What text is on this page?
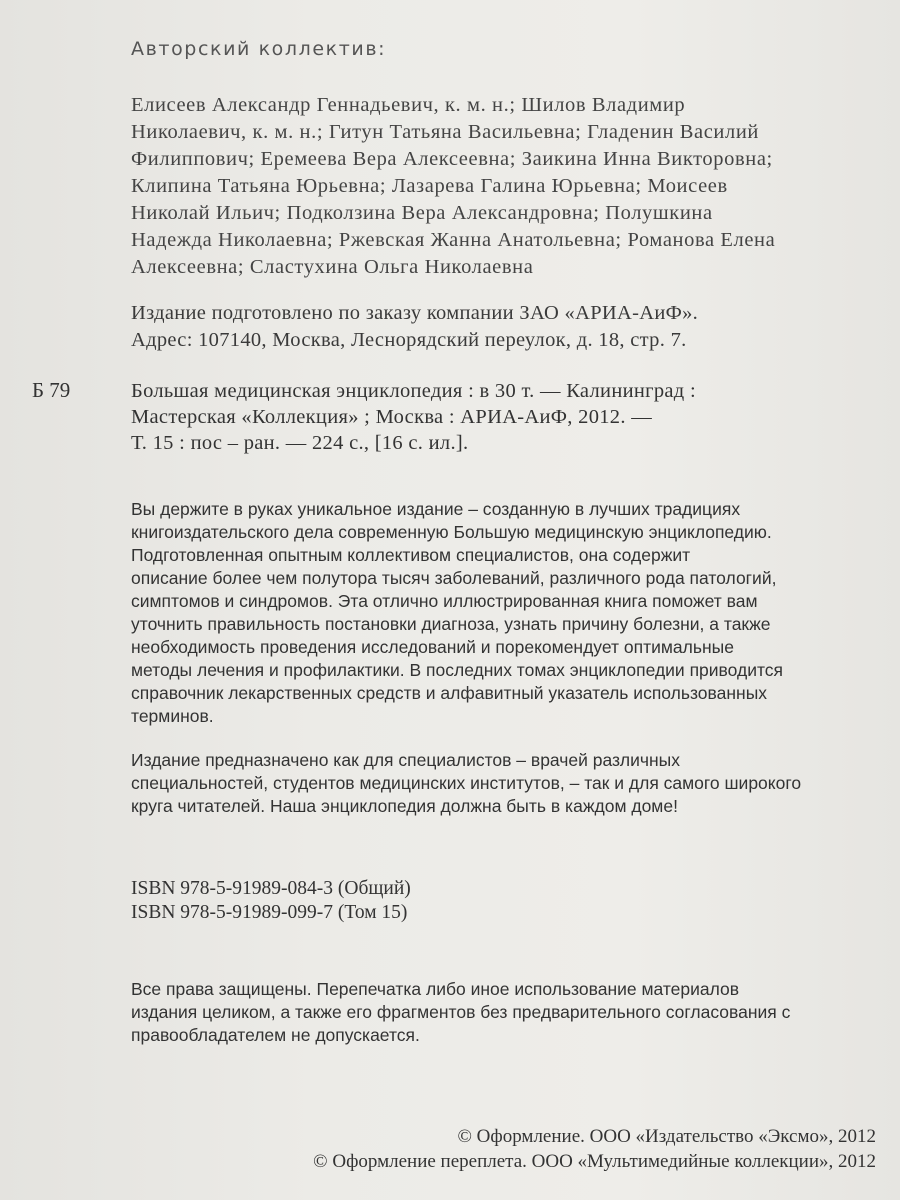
Авторский коллектив:
Елисеев Александр Геннадьевич, к. м. н.; Шилов Владимир
Николаевич, к. м. н.; Гитун Татьяна Васильевна; Гладенин Василий
Филиппович; Еремеева Вера Алексеевна; Заикина Инна Викторовна;
Клипина Татьяна Юрьевна; Лазарева Галина Юрьевна; Моисеев
Николай Ильич; Подколзина Вера Александровна; Полушкина
Надежда Николаевна; Ржевская Жанна Анатольевна; Романова Елена
Алексеевна; Сластухина Ольга Николаевна
Издание подготовлено по заказу компании ЗАО «АРИА-АиФ».
Адрес: 107140, Москва, Леснорядский переулок, д. 18, стр. 7.
Б 79	Большая медицинская энциклопедия : в 30 т. — Калининград :
Мастерская «Коллекция» ; Москва : АРИА-АиФ, 2012. —
Т. 15 : пос – ран. — 224 с., [16 с. ил.].

Вы держите в руках уникальное издание – созданную в лучших традициях
книгоиздательского дела современную Большую медицинскую энциклопедию.
Подготовленная опытным коллективом специалистов, она содержит
описание более чем полутора тысяч заболеваний, различного рода патологий,
симптомов и синдромов. Эта отлично иллюстрированная книга поможет вам
уточнить правильность постановки диагноза, узнать причину болезни, а также
необходимость проведения исследований и порекомендует оптимальные
методы лечения и профилактики. В последних томах энциклопедии приводится
справочник лекарственных средств и алфавитный указатель использованных
терминов.

Издание предназначено как для специалистов – врачей различных
специальностей, студентов медицинских институтов, – так и для самого широкого
круга читателей. Наша энциклопедия должна быть в каждом доме!

ISBN 978-5-91989-084-3 (Общий)
ISBN 978-5-91989-099-7 (Том 15)
Все права защищены. Перепечатка либо иное использование материалов
издания целиком, а также его фрагментов без предварительного согласования с
правообладателем не допускается.
© Оформление. ООО «Издательство «Эксмо», 2012
© Оформление переплета. ООО «Мультимедийные коллекции», 2012
